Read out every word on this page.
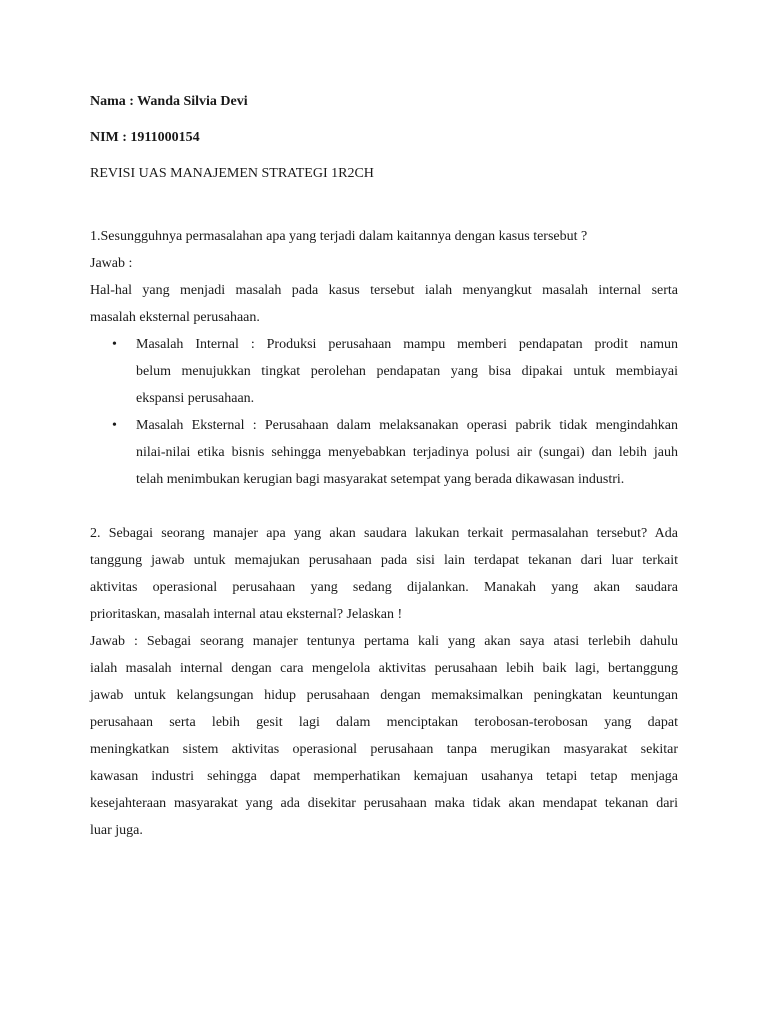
Nama : Wanda Silvia Devi
NIM : 1911000154
REVISI UAS MANAJEMEN STRATEGI 1R2CH
1.Sesungguhnya permasalahan apa yang terjadi dalam kaitannya dengan kasus tersebut ?
Jawab :
Hal-hal yang menjadi masalah pada kasus tersebut ialah menyangkut masalah internal serta
masalah eksternal perusahaan.
• Masalah Internal : Produksi perusahaan mampu memberi pendapatan prodit namun
belum menujukkan tingkat perolehan pendapatan yang bisa dipakai untuk membiayai
ekspansi perusahaan.
• Masalah Eksternal : Perusahaan dalam melaksanakan operasi pabrik tidak mengindahkan
nilai-nilai etika bisnis sehingga menyebabkan terjadinya polusi air (sungai) dan lebih jauh
telah menimbukan kerugian bagi masyarakat setempat yang berada dikawasan industri.
2. Sebagai seorang manajer apa yang akan saudara lakukan terkait permasalahan tersebut? Ada
tanggung jawab untuk memajukan perusahaan pada sisi lain terdapat tekanan dari luar terkait
aktivitas operasional perusahaan yang sedang dijalankan. Manakah yang akan saudara
prioritaskan, masalah internal atau eksternal? Jelaskan !
Jawab : Sebagai seorang manajer tentunya pertama kali yang akan saya atasi terlebih dahulu
ialah masalah internal dengan cara mengelola aktivitas perusahaan lebih baik lagi, bertanggung
jawab untuk kelangsungan hidup perusahaan dengan memaksimalkan peningkatan keuntungan
perusahaan serta lebih gesit lagi dalam menciptakan terobosan-terobosan yang dapat
meningkatkan sistem aktivitas operasional perusahaan tanpa merugikan masyarakat sekitar
kawasan industri sehingga dapat memperhatikan kemajuan usahanya tetapi tetap menjaga
kesejahteraan masyarakat yang ada disekitar perusahaan maka tidak akan mendapat tekanan dari
luar juga.
